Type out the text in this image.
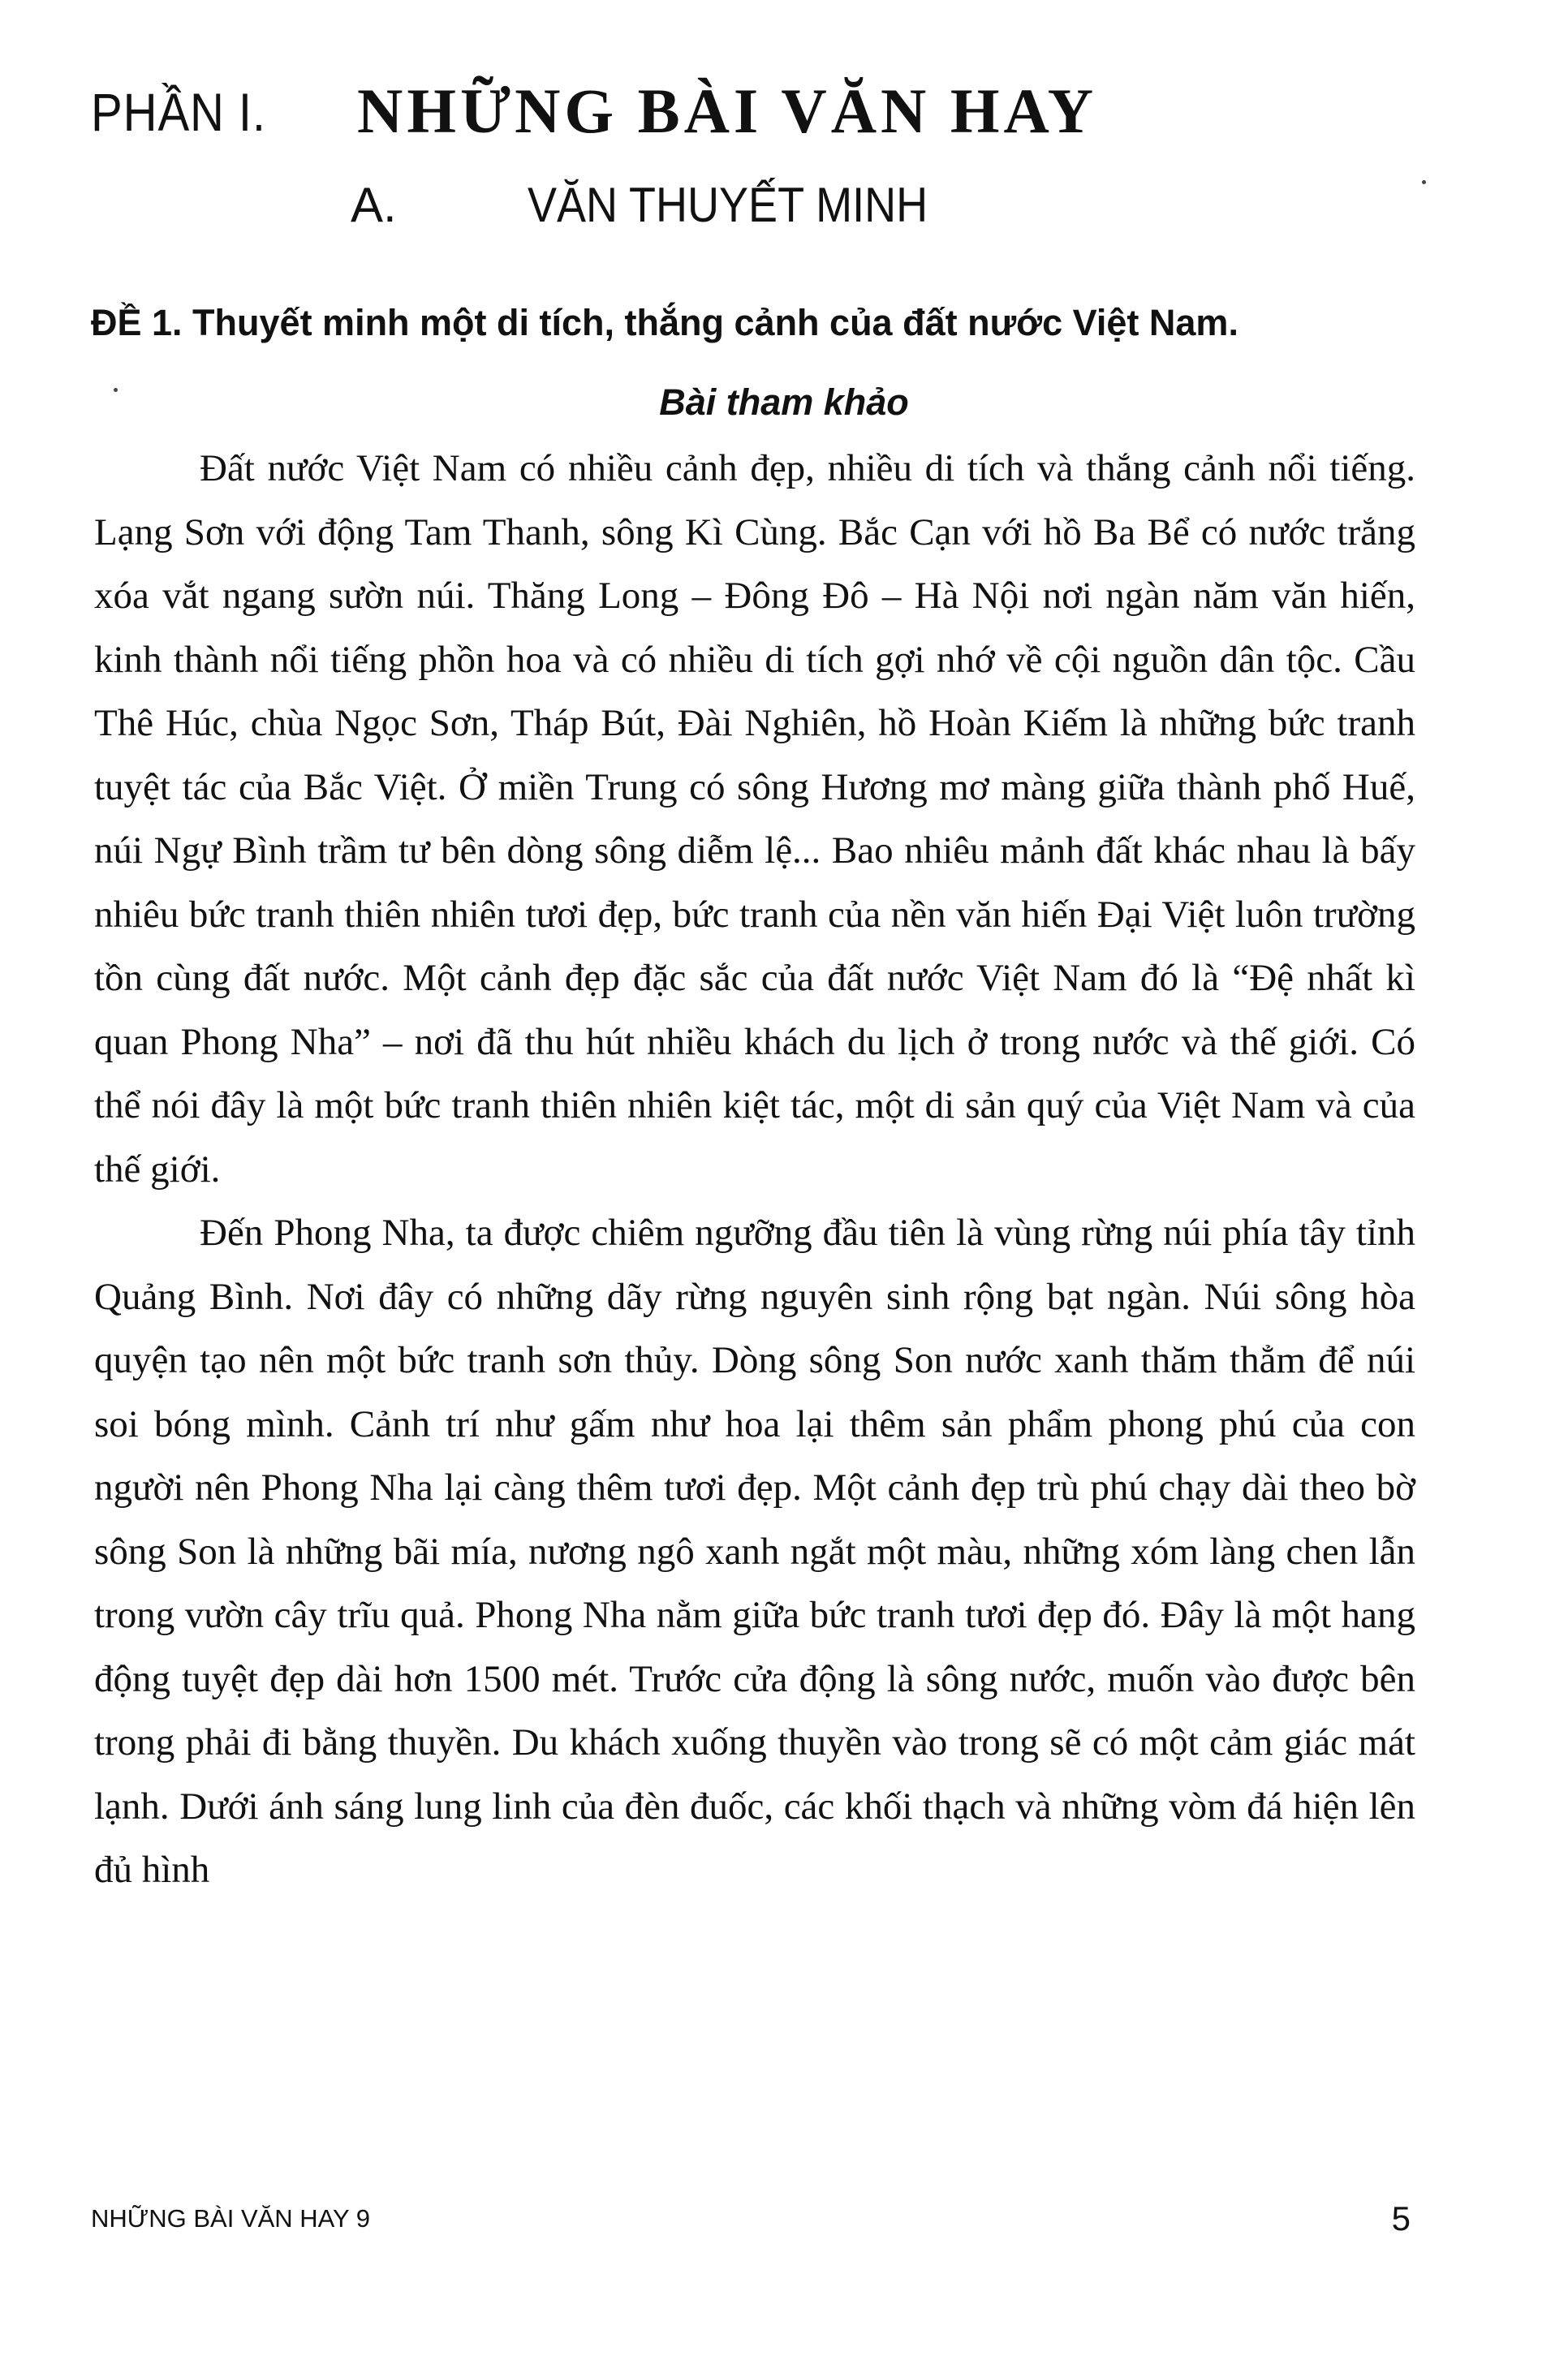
PHẦN I. NHỮNG BÀI VĂN HAY
A.	VĂN THUYẾT MINH
ĐỀ 1. Thuyết minh một di tích, thắng cảnh của đất nước Việt Nam.
Bài tham khảo

Đất nước Việt Nam có nhiều cảnh đẹp, nhiều di tích và thắng cảnh nổi tiếng. Lạng Sơn với động Tam Thanh, sông Kì Cùng. Bắc Cạn với hồ Ba Bể có nước trắng xóa vắt ngang sườn núi. Thăng Long – Đông Đô – Hà Nội nơi ngàn năm văn hiến, kinh thành nổi tiếng phồn hoa và có nhiều di tích gợi nhớ về cội nguồn dân tộc. Cầu Thê Húc, chùa Ngọc Sơn, Tháp Bút, Đài Nghiên, hồ Hoàn Kiếm là những bức tranh tuyệt tác của Bắc Việt. Ở miền Trung có sông Hương mơ màng giữa thành phố Huế, núi Ngự Bình trầm tư bên dòng sông diễm lệ... Bao nhiêu mảnh đất khác nhau là bấy nhiêu bức tranh thiên nhiên tươi đẹp, bức tranh của nền văn hiến Đại Việt luôn trường tồn cùng đất nước. Một cảnh đẹp đặc sắc của đất nước Việt Nam đó là “Đệ nhất kì quan Phong Nha” – nơi đã thu hút nhiều khách du lịch ở trong nước và thế giới. Có thể nói đây là một bức tranh thiên nhiên kiệt tác, một di sản quý của Việt Nam và của thế giới.

Đến Phong Nha, ta được chiêm ngưỡng đầu tiên là vùng rừng núi phía tây tỉnh Quảng Bình. Nơi đây có những dãy rừng nguyên sinh rộng bạt ngàn. Núi sông hòa quyện tạo nên một bức tranh sơn thủy. Dòng sông Son nước xanh thăm thẳm để núi soi bóng mình. Cảnh trí như gấm như hoa lại thêm sản phẩm phong phú của con người nên Phong Nha lại càng thêm tươi đẹp. Một cảnh đẹp trù phú chạy dài theo bờ sông Son là những bãi mía, nương ngô xanh ngắt một màu, những xóm làng chen lẫn trong vườn cây trĩu quả. Phong Nha nằm giữa bức tranh tươi đẹp đó. Đây là một hang động tuyệt đẹp dài hơn 1500 mét. Trước cửa động là sông nước, muốn vào được bên trong phải đi bằng thuyền. Du khách xuống thuyền vào trong sẽ có một cảm giác mát lạnh. Dưới ánh sáng lung linh của đèn đuốc, các khối thạch và những vòm đá hiện lên đủ hình

NHỮNG BÀI VĂN HAY 9	5
